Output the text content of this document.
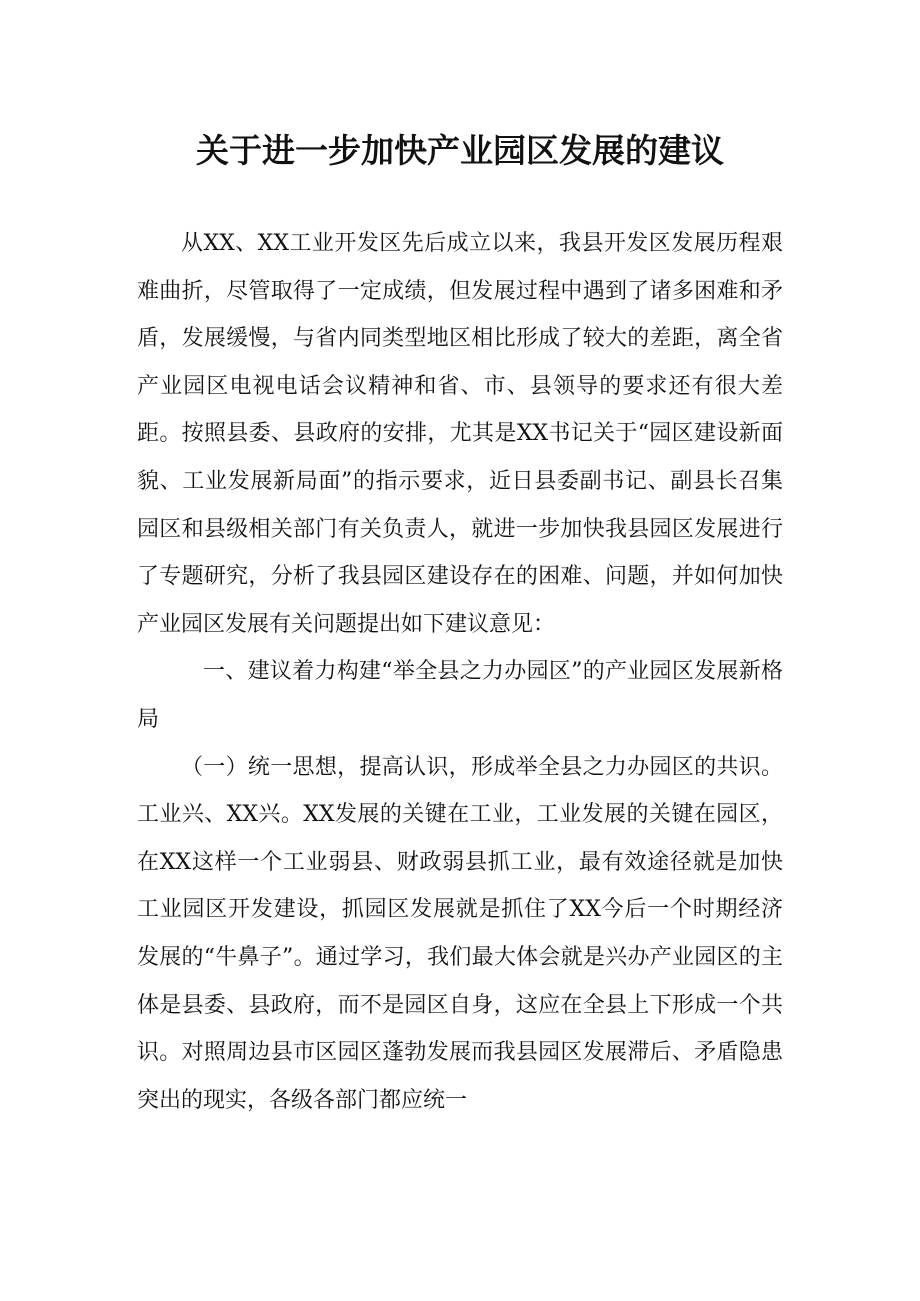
关于进一步加快产业园区发展的建议

从XX、XX工业开发区先后成立以来，我县开发区发展历程艰难曲折，尽管取得了一定成绩，但发展过程中遇到了诸多困难和矛盾，发展缓慢，与省内同类型地区相比形成了较大的差距，离全省产业园区电视电话会议精神和省、市、县领导的要求还有很大差距。按照县委、县政府的安排，尤其是XX书记关于“园区建设新面貌、工业发展新局面”的指示要求，近日县委副书记、副县长召集园区和县级相关部门有关负责人，就进一步加快我县园区发展进行了专题研究，分析了我县园区建设存在的困难、问题，并如何加快产业园区发展有关问题提出如下建议意见：

一、建议着力构建“举全县之力办园区”的产业园区发展新格局

（一）统一思想，提高认识，形成举全县之力办园区的共识。工业兴、XX兴。XX发展的关键在工业，工业发展的关键在园区，在XX这样一个工业弱县、财政弱县抓工业，最有效途径就是加快工业园区开发建设，抓园区发展就是抓住了XX今后一个时期经济发展的“牛鼻子”。通过学习，我们最大体会就是兴办产业园区的主体是县委、县政府，而不是园区自身，这应在全县上下形成一个共识。对照周边县市区园区蓬勃发展而我县园区发展滞后、矛盾隐患突出的现实，各级各部门都应统一
